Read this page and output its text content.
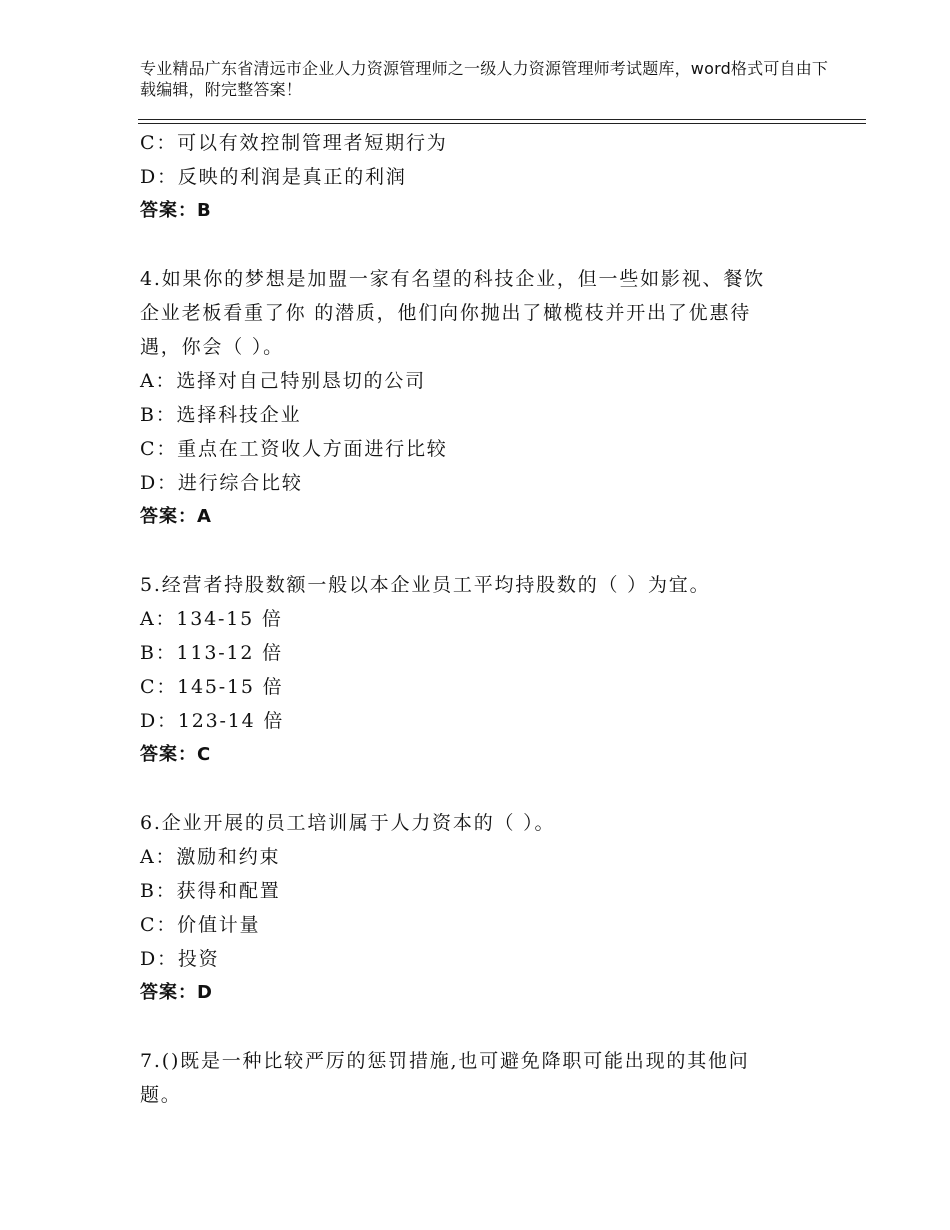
专业精品广东省清远市企业人力资源管理师之一级人力资源管理师考试题库，word格式可自由下载编辑，附完整答案！
C：可以有效控制管理者短期行为
D：反映的利润是真正的利润
答案：B
4.如果你的梦想是加盟一家有名望的科技企业，但一些如影视、餐饮
企业老板看重了你 的潜质，他们向你抛出了橄榄枝并开出了优惠待
遇，你会（ ）。
A：选择对自己特别恳切的公司
B：选择科技企业
C：重点在工资收人方面进行比较
D：进行综合比较
答案：A
5.经营者持股数额一般以本企业员工平均持股数的（ ）为宜。
A：134-15 倍
B：113-12 倍
C：145-15 倍
D：123-14 倍
答案：C
6.企业开展的员工培训属于人力资本的（ ）。
A：激励和约束
B：获得和配置
C：价值计量
D：投资
答案：D
7.()既是一种比较严厉的惩罚措施,也可避免降职可能出现的其他问
题。
